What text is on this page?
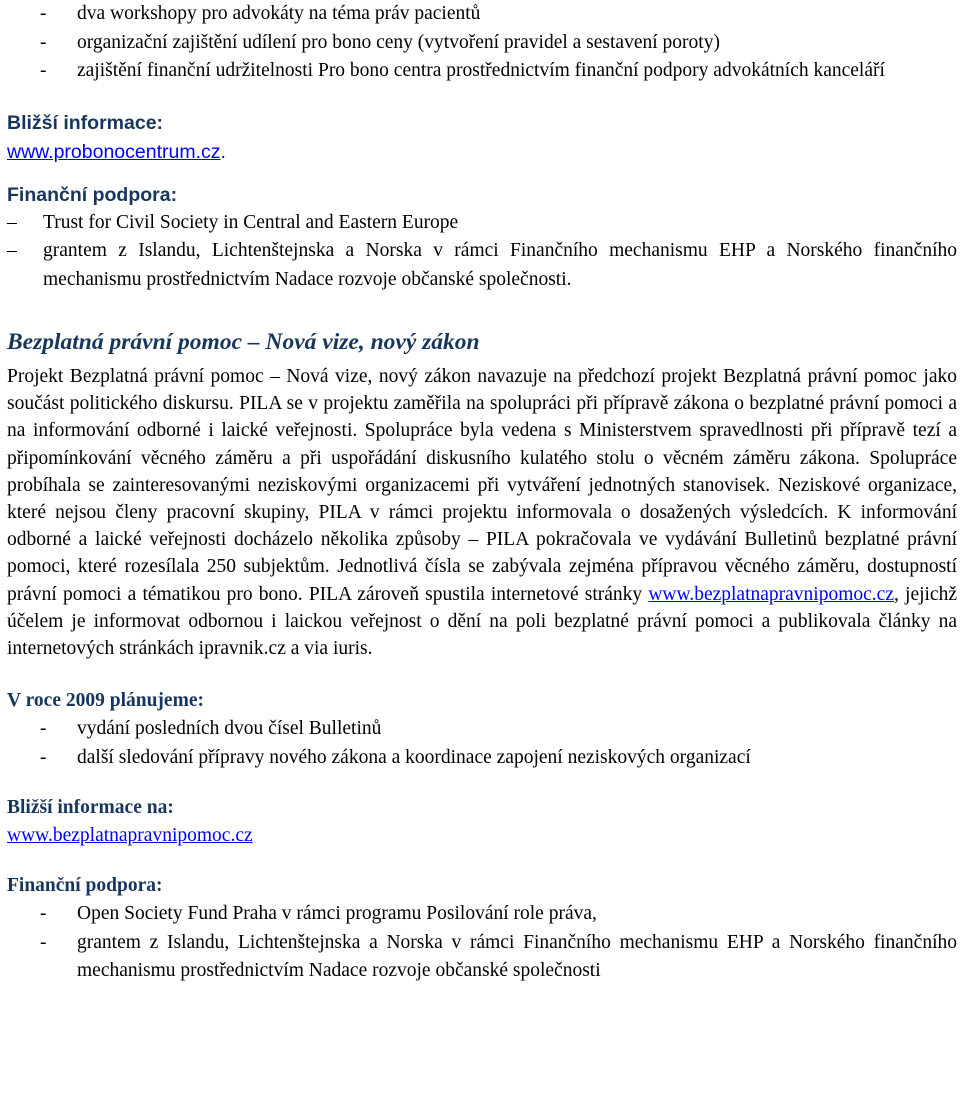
- dva workshopy pro advokáty na téma práv pacientů
- organizační zajištění udílení pro bono ceny (vytvoření pravidel a sestavení poroty)
- zajištění finanční udržitelnosti Pro bono centra prostřednictvím finanční podpory advokátních kanceláří
Bližší informace:
www.probonocentrum.cz.
Finanční podpora:
– Trust for Civil Society in Central and Eastern Europe
– grantem z Islandu, Lichtenštejnska a Norska v rámci Finančního mechanismu EHP a Norského finančního mechanismu prostřednictvím Nadace rozvoje občanské společnosti.
Bezplatná právní pomoc – Nová vize, nový zákon
Projekt Bezplatná právní pomoc – Nová vize, nový zákon navazuje na předchozí projekt Bezplatná právní pomoc jako součást politického diskursu. PILA se v projektu zaměřila na spolupráci při přípravě zákona o bezplatné právní pomoci a na informování odborné i laické veřejnosti. Spolupráce byla vedena s Ministerstvem spravedlnosti při přípravě tezí a připomínkování věcného záměru a při uspořádání diskusního kulatého stolu o věcném záměru zákona. Spolupráce probíhala se zainteresovanými neziskovými organizacemi při vytváření jednotných stanovisek. Neziskové organizace, které nejsou členy pracovní skupiny, PILA v rámci projektu informovala o dosažených výsledcích. K informování odborné a laické veřejnosti docházelo několika způsoby – PILA pokračovala ve vydávání Bulletinů bezplatné právní pomoci, které rozesílala 250 subjektům. Jednotlivá čísla se zabývala zejména přípravou věcného záměru, dostupností právní pomoci a tématikou pro bono. PILA zároveň spustila internetové stránky www.bezplatnapravnipomoc.cz, jejichž účelem je informovat odbornou i laickou veřejnost o dění na poli bezplatné právní pomoci a publikovala články na internetových stránkách ipravnik.cz a via iuris.
V roce 2009 plánujeme:
- vydání posledních dvou čísel Bulletinů
- další sledování přípravy nového zákona a koordinace zapojení neziskových organizací
Bližší informace na:
www.bezplatnapravnipomoc.cz
Finanční podpora:
- Open Society Fund Praha v rámci programu Posilování role práva,
- grantem z Islandu, Lichtenštejnska a Norska v rámci Finančního mechanismu EHP a Norského finančního mechanismu prostřednictvím Nadace rozvoje občanské společnosti
